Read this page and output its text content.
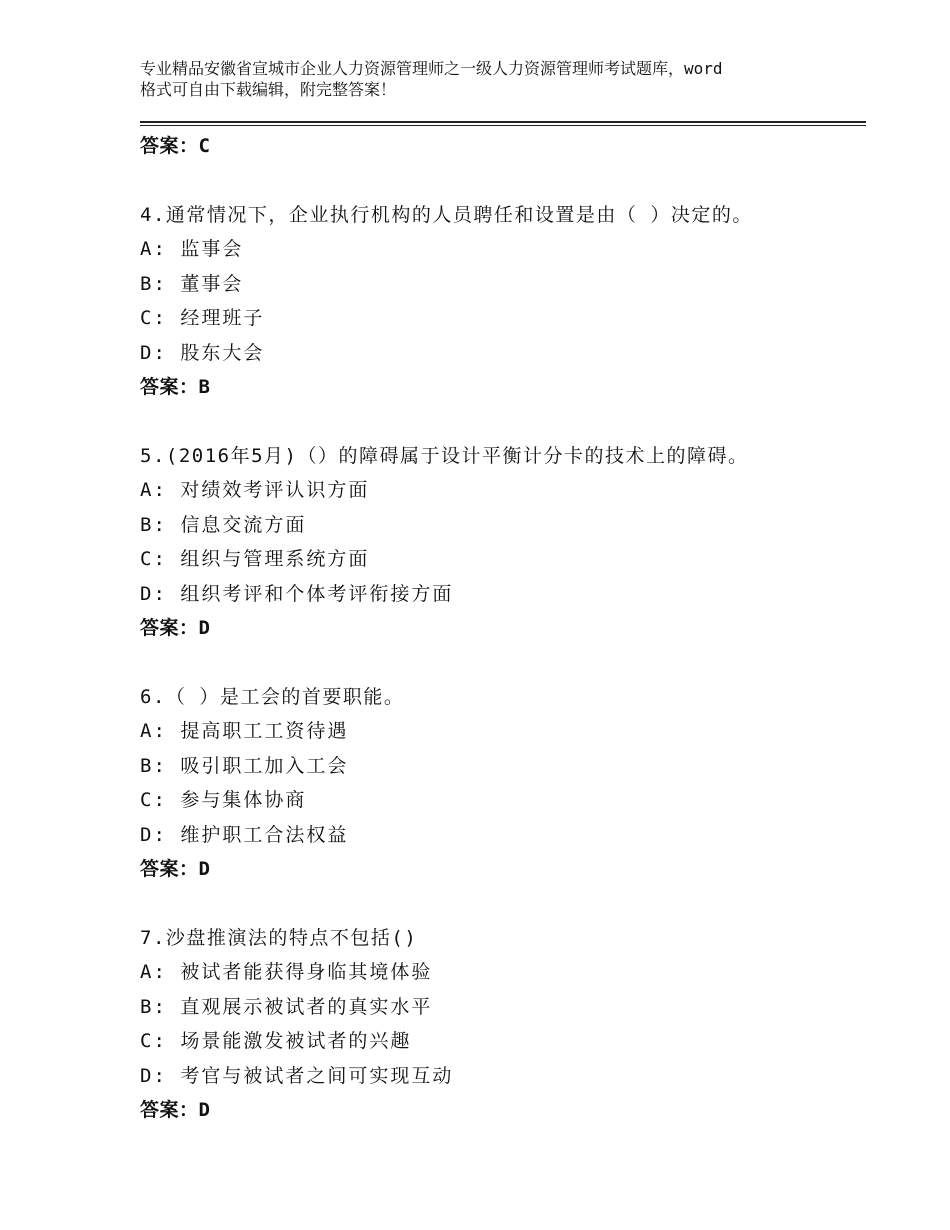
专业精品安徽省宣城市企业人力资源管理师之一级人力资源管理师考试题库，word
格式可自由下载编辑，附完整答案！
答案：C
4.通常情况下，企业执行机构的人员聘任和设置是由（ ）决定的。
A: 监事会
B: 董事会
C: 经理班子
D: 股东大会
答案：B
5.(2016年5月)（）的障碍属于设计平衡计分卡的技术上的障碍。
A: 对绩效考评认识方面
B: 信息交流方面
C: 组织与管理系统方面
D: 组织考评和个体考评衔接方面
答案：D
6.（ ）是工会的首要职能。
A: 提高职工工资待遇
B: 吸引职工加入工会
C: 参与集体协商
D: 维护职工合法权益
答案：D
7.沙盘推演法的特点不包括()
A: 被试者能获得身临其境体验
B: 直观展示被试者的真实水平
C: 场景能激发被试者的兴趣
D: 考官与被试者之间可实现互动
答案：D
